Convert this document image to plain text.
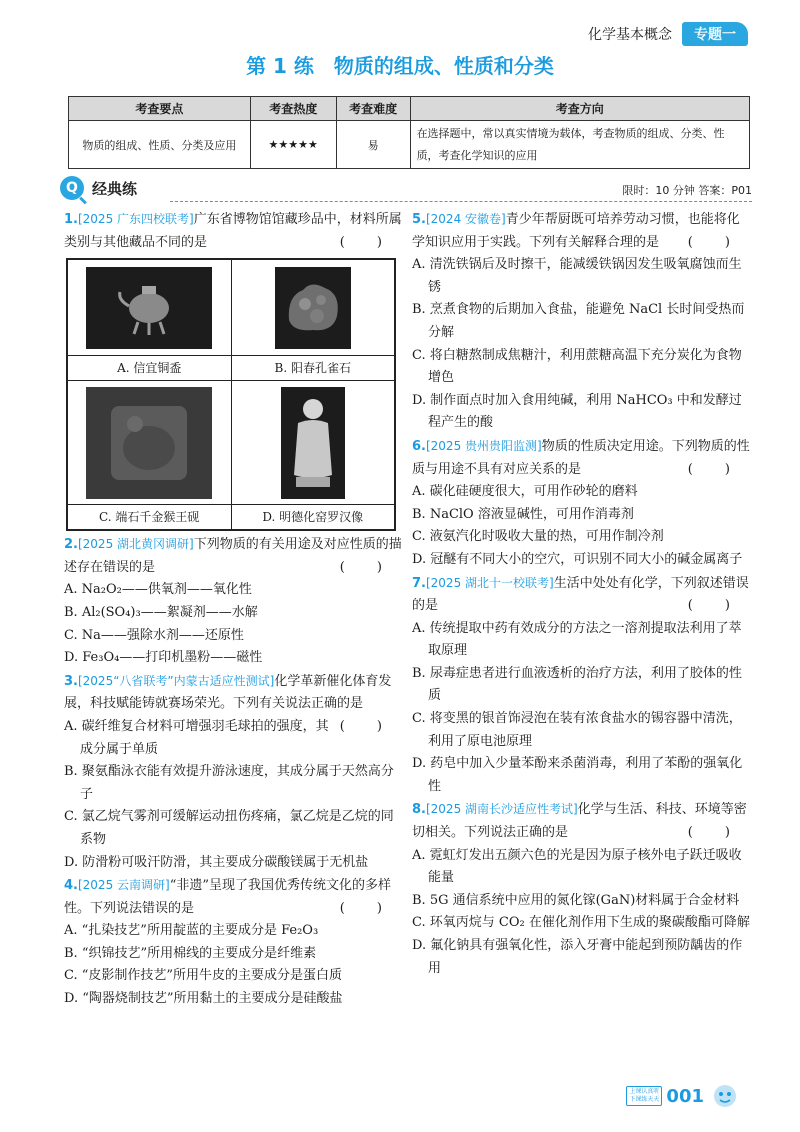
化学基本概念	专题一
第 1 练 物质的组成、性质和分类
考查要点	考查热度	考查难度	考查方向
物质的组成、性质、分类及应用	★★★★★	易	在选择题中，常以真实情境为载体，考查物质的组成、分类、性质，考查化学知识的应用
Q 经典练	限时：10 分钟 答案：P01
1.[2025 广东四校联考]广东省博物馆馆藏珍品中，材料所属类别与其他藏品不同的是	( )
A. 信宜铜盉	B. 阳春孔雀石

C. 端石千金猴王砚	D. 明德化窑罗汉像
2.[2025 湖北黄冈调研]下列物质的有关用途及对应性质的描述存在错误的是	( )
A. Na₂O₂——供氧剂——氧化性
B. Al₂(SO₄)₃——絮凝剂——水解
C. Na——强除水剂——还原性
D. Fe₃O₄——打印机墨粉——磁性
3.[2025“八省联考”内蒙古适应性测试]化学革新催化体育发展，科技赋能铸就赛场荣光。下列有关说法正确的是
( )
A. 碳纤维复合材料可增强羽毛球拍的强度，其成分属于单质
B. 聚氨酯泳衣能有效提升游泳速度，其成分属于天然高分子
C. 氯乙烷气雾剂可缓解运动扭伤疼痛，氯乙烷是乙烷的同系物
D. 防滑粉可吸汗防滑，其主要成分碳酸镁属于无机盐
4.[2025 云南调研]“非遗”呈现了我国优秀传统文化的多样性。下列说法错误的是	( )
A. “扎染技艺”所用靛蓝的主要成分是 Fe₂O₃
B. “织锦技艺”所用棉线的主要成分是纤维素
C. “皮影制作技艺”所用牛皮的主要成分是蛋白质
D. “陶器烧制技艺”所用黏土的主要成分是硅酸盐
5.[2024 安徽卷]青少年帮厨既可培养劳动习惯，也能将化学知识应用于实践。下列有关解释合理的是 ( )
A. 清洗铁锅后及时擦干，能减缓铁锅因发生吸氧腐蚀而生锈
B. 烹煮食物的后期加入食盐，能避免 NaCl 长时间受热而分解
C. 将白糖熬制成焦糖汁，利用蔗糖高温下充分炭化为食物增色
D. 制作面点时加入食用纯碱，利用 NaHCO₃ 中和发酵过程产生的酸
6.[2025 贵州贵阳监测]物质的性质决定用途。下列物质的性质与用途不具有对应关系的是	( )
A. 碳化硅硬度很大，可用作砂轮的磨料
B. NaClO 溶液显碱性，可用作消毒剂
C. 液氨汽化时吸收大量的热，可用作制冷剂
D. 冠醚有不同大小的空穴，可识别不同大小的碱金属离子
7.[2025 湖北十一校联考]生活中处处有化学，下列叙述错误的是	( )
A. 传统提取中药有效成分的方法之一溶剂提取法利用了萃取原理
B. 尿毒症患者进行血液透析的治疗方法，利用了胶体的性质
C. 将变黑的银首饰浸泡在装有浓食盐水的锡容器中清洗，利用了原电池原理
D. 药皂中加入少量苯酚来杀菌消毒，利用了苯酚的强氧化性
8.[2025 湖南长沙适应性考试]化学与生活、科技、环境等密切相关。下列说法正确的是	( )
A. 霓虹灯发出五颜六色的光是因为原子核外电子跃迁吸收能量
B. 5G 通信系统中应用的氮化镓(GaN)材料属于合金材料
C. 环氧丙烷与 CO₂ 在催化剂作用下生成的聚碳酸酯可降解
D. 氟化钠具有强氧化性，添入牙膏中能起到预防龋齿的作用
上课认真听
下课练天天 001
